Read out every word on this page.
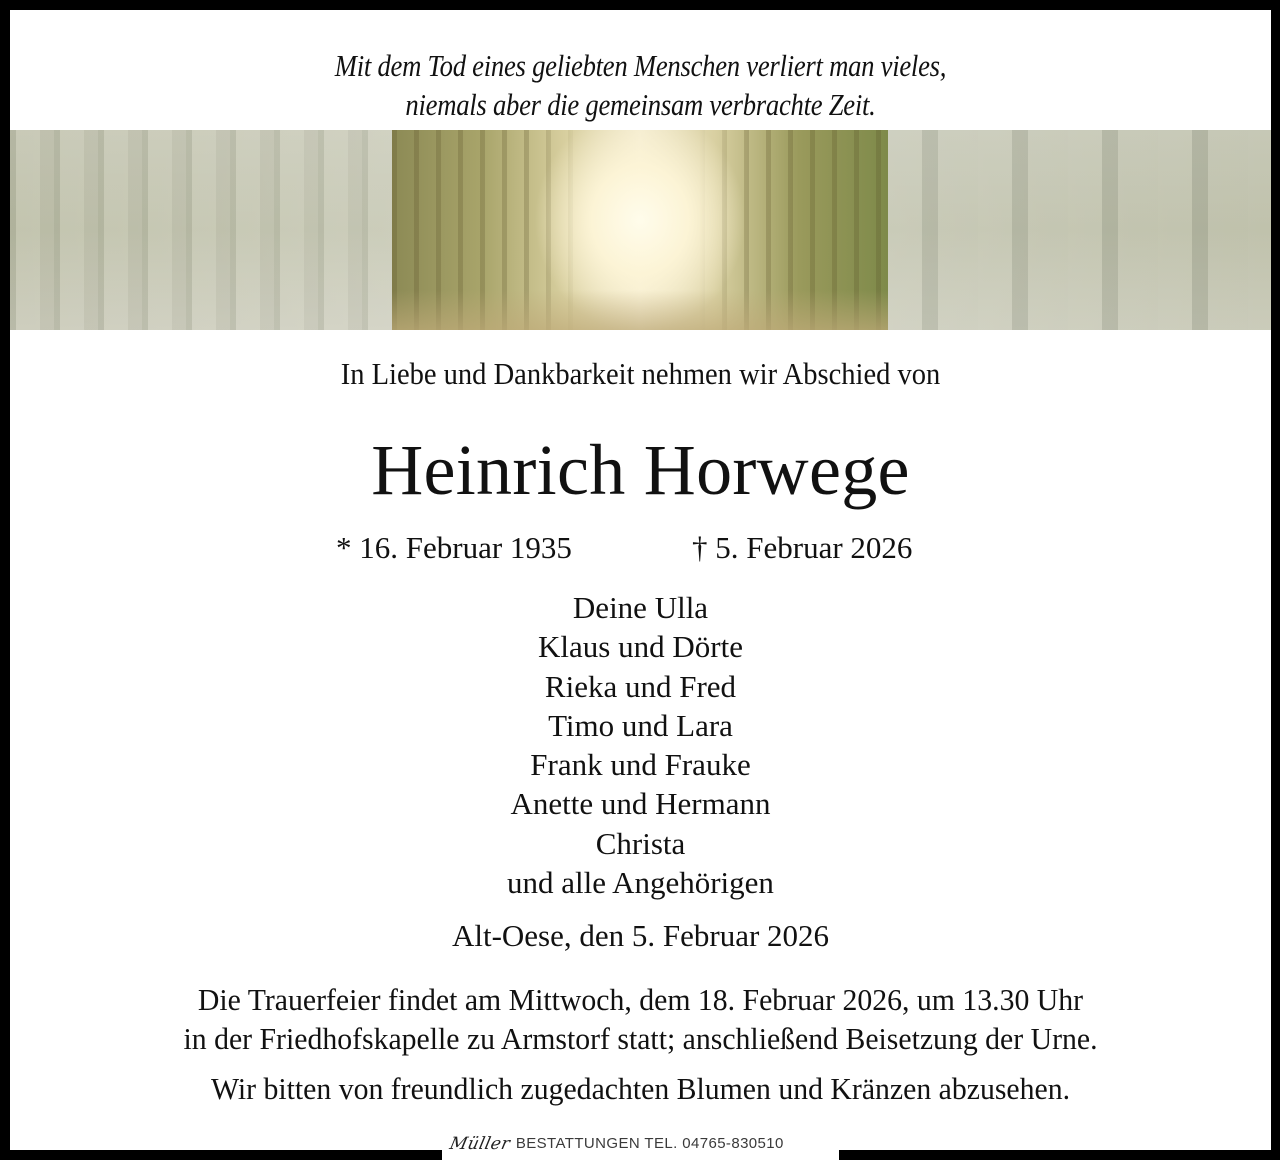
Mit dem Tod eines geliebten Menschen verliert man vieles,
niemals aber die gemeinsam verbrachte Zeit.
In Liebe und Dankbarkeit nehmen wir Abschied von
Heinrich Horwege
* 16. Februar 1935	† 5. Februar 2026
Deine Ulla
Klaus und Dörte
Rieka und Fred
Timo und Lara
Frank und Frauke
Anette und Hermann
Christa
und alle Angehörigen
Alt-Oese, den 5. Februar 2026
Die Trauerfeier findet am Mittwoch, dem 18. Februar 2026, um 13.30 Uhr
in der Friedhofskapelle zu Armstorf statt; anschließend Beisetzung der Urne.
Wir bitten von freundlich zugedachten Blumen und Kränzen abzusehen.
Müller BESTATTUNGEN TEL. 04765-830510
